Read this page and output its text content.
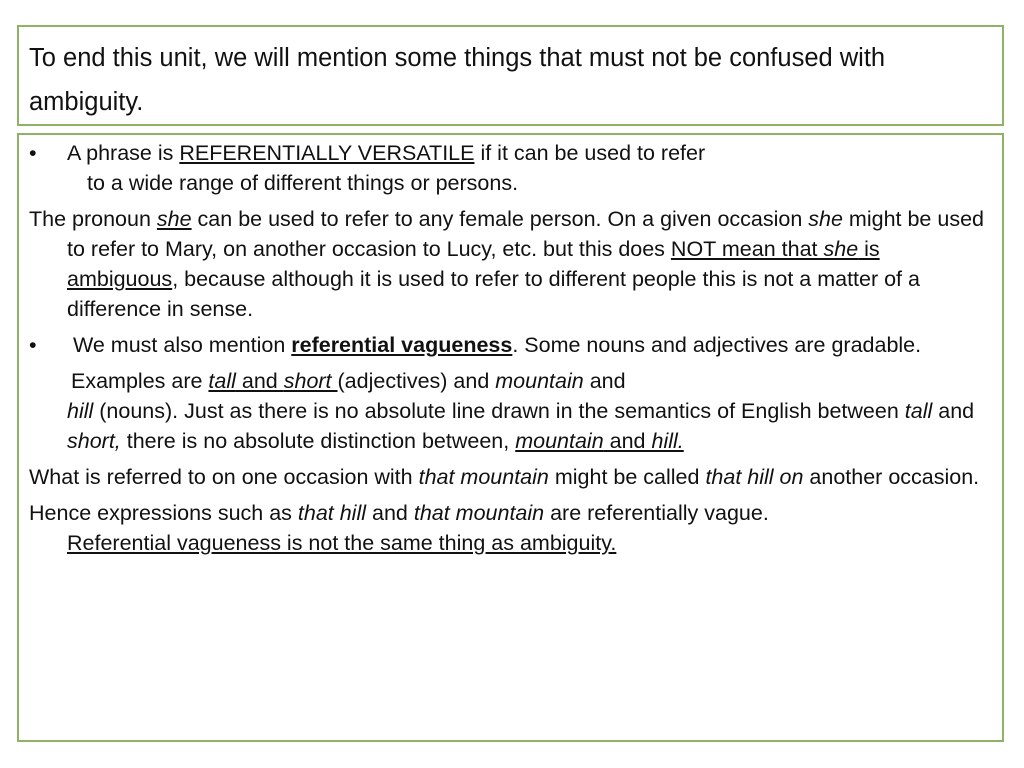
To end this unit, we will mention some things that must not be confused with ambiguity.

• A phrase is REFERENTIALLY VERSATILE if it can be used to refer

to a wide range of different things or persons.

The pronoun she can be used to refer to any female person. On a given occasion she might be used to refer to Mary, on another occasion to Lucy, etc. but this does NOT mean that she is ambiguous, because although it is used to refer to different people this is not a matter of a difference in sense.

• We must also mention referential vagueness. Some nouns and adjectives are gradable.

Examples are tall and short (adjectives) and mountain and

hill (nouns). Just as there is no absolute line drawn in the semantics of English between tall and short, there is no absolute distinction between, mountain and hill.

What is referred to on one occasion with that mountain might be called that hill on another occasion.

Hence expressions such as that hill and that mountain are referentially vague.

Referential vagueness is not the same thing as ambiguity.
